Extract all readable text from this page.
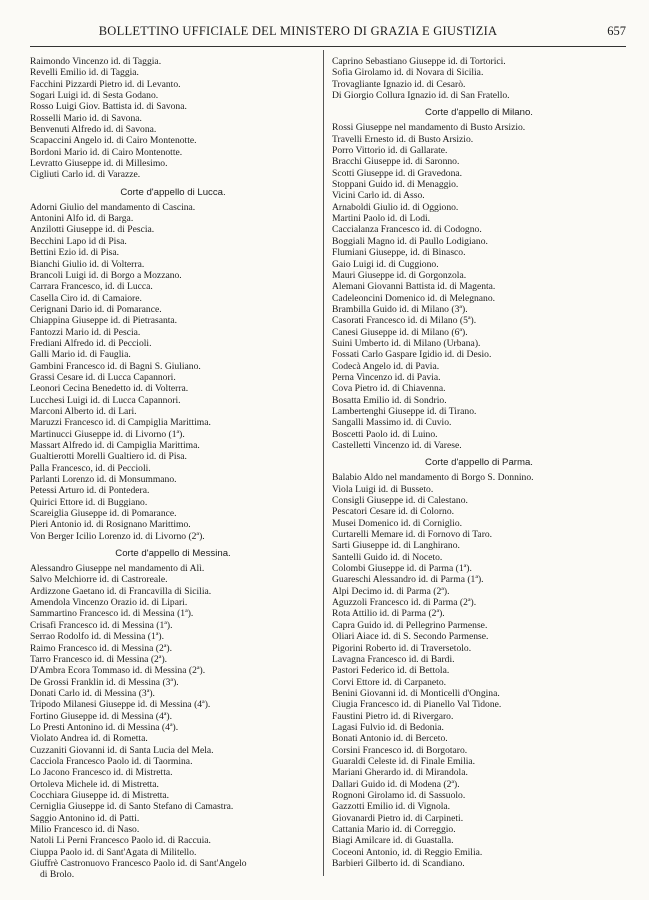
BOLLETTINO UFFICIALE DEL MINISTERO DI GRAZIA E GIUSTIZIA	657
Raimondo Vincenzo id. di Taggia.
Revelli Emilio id. di Taggia.
Facchini Pizzardi Pietro id. di Levanto.
Sogari Luigi id. di Sesta Godano.
Rosso Luigi Giov. Battista id. di Savona.
Rosselli Mario id. di Savona.
Benvenuti Alfredo id. di Savona.
Scapaccini Angelo id. di Cairo Montenotte.
Bordoni Mario id. di Cairo Montenotte.
Levratto Giuseppe id. di Millesimo.
Cigliuti Carlo id. di Varazze.
Corte d'appello di Lucca.
Adorni Giulio del mandamento di Cascina.
Antonini Alfo id. di Barga.
Anzilotti Giuseppe id. di Pescia.
Becchini Lapo id di Pisa.
Bettini Ezio id. di Pisa.
Bianchi Giulio id. di Volterra.
Brancoli Luigi id. di Borgo a Mozzano.
Carrara Francesco, id. di Lucca.
Casella Ciro id. di Camaiore.
Cerignani Dario id. di Pomarance.
Chiappina Giuseppe id. di Pietrasanta.
Fantozzi Mario id. di Pescia.
Frediani Alfredo id. di Peccioli.
Galli Mario id. di Fauglia.
Gambini Francesco id. di Bagni S. Giuliano.
Grassi Cesare id. di Lucca Capannori.
Leonori Cecina Benedetto id. di Volterra.
Lucchesi Luigi id. di Lucca Capannori.
Marconi Alberto id. di Lari.
Maruzzi Francesco id. di Campiglia Marittima.
Martinucci Giuseppe id. di Livorno (1ª).
Massart Alfredo id. di Campiglia Marittima.
Gualtierotti Morelli Gualtiero id. di Pisa.
Palla Francesco, id. di Peccioli.
Parlanti Lorenzo id. di Monsummano.
Petessi Arturo id. di Pontedera.
Quirici Ettore id. di Buggiano.
Scareiglia Giuseppe id. di Pomarance.
Pieri Antonio id. di Rosignano Marittimo.
Von Berger Icilio Lorenzo id. di Livorno (2ª).
Corte d'appello di Messina.
Alessandro Giuseppe nel mandamento di Alì.
Salvo Melchiorre id. di Castroreale.
Ardizzone Gaetano id. di Francavilla di Sicilia.
Amendola Vincenzo Orazio id. di Lipari.
Sammartino Francesco id. di Messina (1ª).
Crisafi Francesco id. di Messina (1ª).
Serrao Rodolfo id. di Messina (1ª).
Raimo Francesco id. di Messina (2ª).
Tarro Francesco id. di Messina (2ª).
D'Ambra Ecora Tommaso id. di Messina (2ª).
De Grossi Franklin id. di Messina (3ª).
Donati Carlo id. di Messina (3ª).
Tripodo Milanesi Giuseppe id. di Messina (4ª).
Fortino Giuseppe id. di Messina (4ª).
Lo Presti Antonino id. di Messina (4ª).
Violato Andrea id. di Rometta.
Cuzzaniti Giovanni id. di Santa Lucia del Mela.
Cacciola Francesco Paolo id. di Taormina.
Lo Jacono Francesco id. di Mistretta.
Ortoleva Michele id. di Mistretta.
Cocchiara Giuseppe id. di Mistretta.
Cerniglia Giuseppe id. di Santo Stefano di Camastra.
Saggio Antonino id. di Patti.
Milio Francesco id. di Naso.
Natoli Li Perni Francesco Paolo id. di Raccuia.
Ciuppa Paolo id. di Sant'Agata di Militello.
Giuffrè Castronuovo Francesco Paolo id. di Sant'Angelo
di Brolo.
Caprino Sebastiano Giuseppe id. di Tortorici.
Sofia Girolamo id. di Novara di Sicilia.
Trovagliante Ignazio id. di Cesarò.
Di Giorgio Collura Ignazio id. di San Fratello.
Corte d'appello di Milano.
Rossi Giuseppe nel mandamento di Busto Arsizio.
Travelli Ernesto id. di Busto Arsizio.
Porro Vittorio id. di Gallarate.
Bracchi Giuseppe id. di Saronno.
Scotti Giuseppe id. di Gravedona.
Stoppani Guido id. di Menaggio.
Vicini Carlo id. di Asso.
Arnaboldi Giulio id. di Oggiono.
Martini Paolo id. di Lodi.
Caccialanza Francesco id. di Codogno.
Boggiali Magno id. di Paullo Lodigiano.
Flumiani Giuseppe, id. di Binasco.
Gaio Luigi id. di Cuggiono.
Mauri Giuseppe id. di Gorgonzola.
Alemani Giovanni Battista id. di Magenta.
Cadeleoncini Domenico id. di Melegnano.
Brambilla Guido id. di Milano (3ª).
Casorati Francesco id. di Milano (5ª).
Canesi Giuseppe id. di Milano (6ª).
Suini Umberto id. di Milano (Urbana).
Fossati Carlo Gaspare Igidio id. di Desio.
Codecà Angelo id. di Pavia.
Perna Vincenzo id. di Pavia.
Cova Pietro id. di Chiavenna.
Bosatta Emilio id. di Sondrio.
Lambertenghi Giuseppe id. di Tirano.
Sangalli Massimo id. di Cuvio.
Boscetti Paolo id. di Luino.
Castelletti Vincenzo id. di Varese.
Corte d'appello di Parma.
Balabio Aldo nel mandamento di Borgo S. Donnino.
Viola Luigi id. di Busseto.
Consigli Giuseppe id. di Calestano.
Pescatori Cesare id. di Colorno.
Musei Domenico id. di Corniglio.
Curtarelli Memare id. di Fornovo di Taro.
Sarti Giuseppe id. di Langhirano.
Santelli Guido id. di Noceto.
Colombi Giuseppe id. di Parma (1ª).
Guareschi Alessandro id. di Parma (1ª).
Alpi Decimo id. di Parma (2ª).
Aguzzoli Francesco id. di Parma (2ª).
Rota Attilio id. di Parma (2ª).
Capra Guido id. di Pellegrino Parmense.
Oliari Aiace id. di S. Secondo Parmense.
Pigorini Roberto id. di Traversetolo.
Lavagna Francesco id. di Bardi.
Pastori Federico id. di Bettola.
Corvi Ettore id. di Carpaneto.
Benini Giovanni id. di Monticelli d'Ongina.
Ciugia Francesco id. di Pianello Val Tidone.
Faustini Pietro id. di Rivergaro.
Lagasi Fulvio id. di Bedonia.
Bonati Antonio id. di Berceto.
Corsini Francesco id. di Borgotaro.
Guaraldi Celeste id. di Finale Emilia.
Mariani Gherardo id. di Mirandola.
Dallari Guido id. di Modena (2ª).
Rognoni Girolamo id. di Sassuolo.
Gazzotti Emilio id. di Vignola.
Giovanardi Pietro id. di Carpineti.
Cattania Mario id. di Correggio.
Biagi Amilcare id. di Guastalla.
Coceoni Antonio, id. di Reggio Emilia.
Barbieri Gilberto id. di Scandiano.
